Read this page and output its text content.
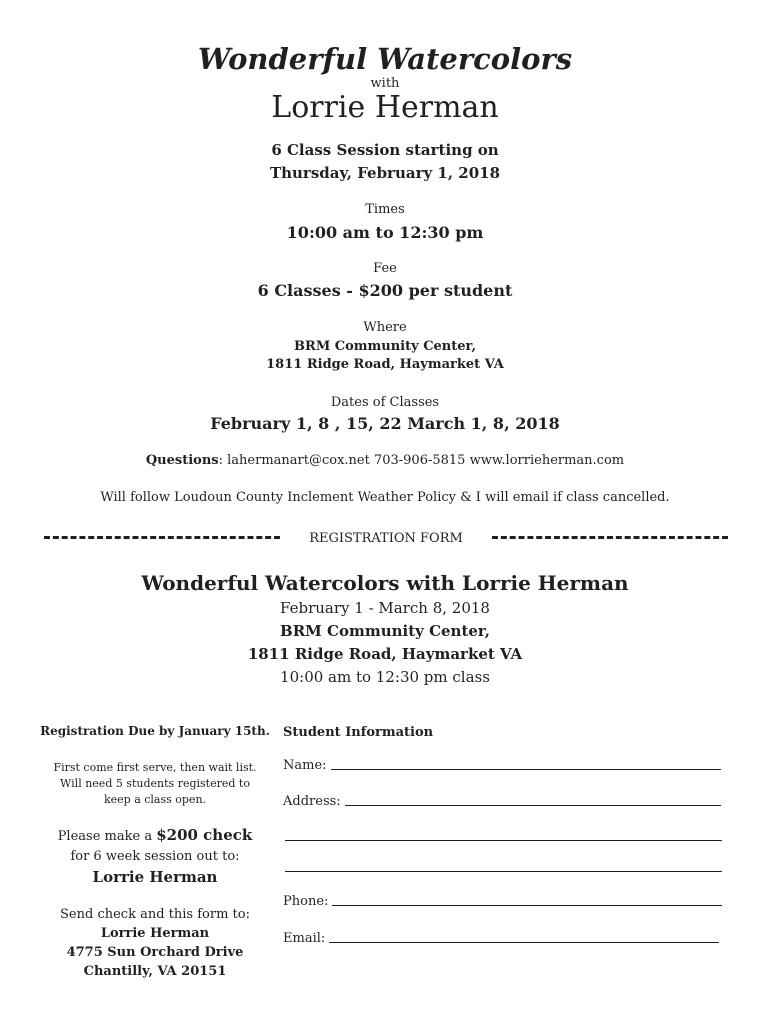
Wonderful Watercolors
with
Lorrie Herman
6 Class Session starting on
Thursday, February 1, 2018
Times
10:00 am to 12:30 pm
Fee
6 Classes - $200 per student
Where
BRM Community Center,
1811 Ridge Road, Haymarket VA
Dates of Classes
February 1, 8 , 15, 22 March 1, 8, 2018
Questions: lahermanart@cox.net 703-906-5815 www.lorrieherman.com
Will follow Loudoun County Inclement Weather Policy & I will email if class cancelled.
REGISTRATION FORM
Wonderful Watercolors with Lorrie Herman
February 1 - March 8, 2018
BRM Community Center,
1811 Ridge Road, Haymarket VA
10:00 am to 12:30 pm class
Registration Due by January 15th.
First come first serve, then wait list.
Will need 5 students registered to
keep a class open.
Please make a $200 check
for 6 week session out to:
Lorrie Herman
Send check and this form to:
Lorrie Herman
4775 Sun Orchard Drive
Chantilly, VA 20151
Student Information
Name:
Address:
Phone:
Email:
